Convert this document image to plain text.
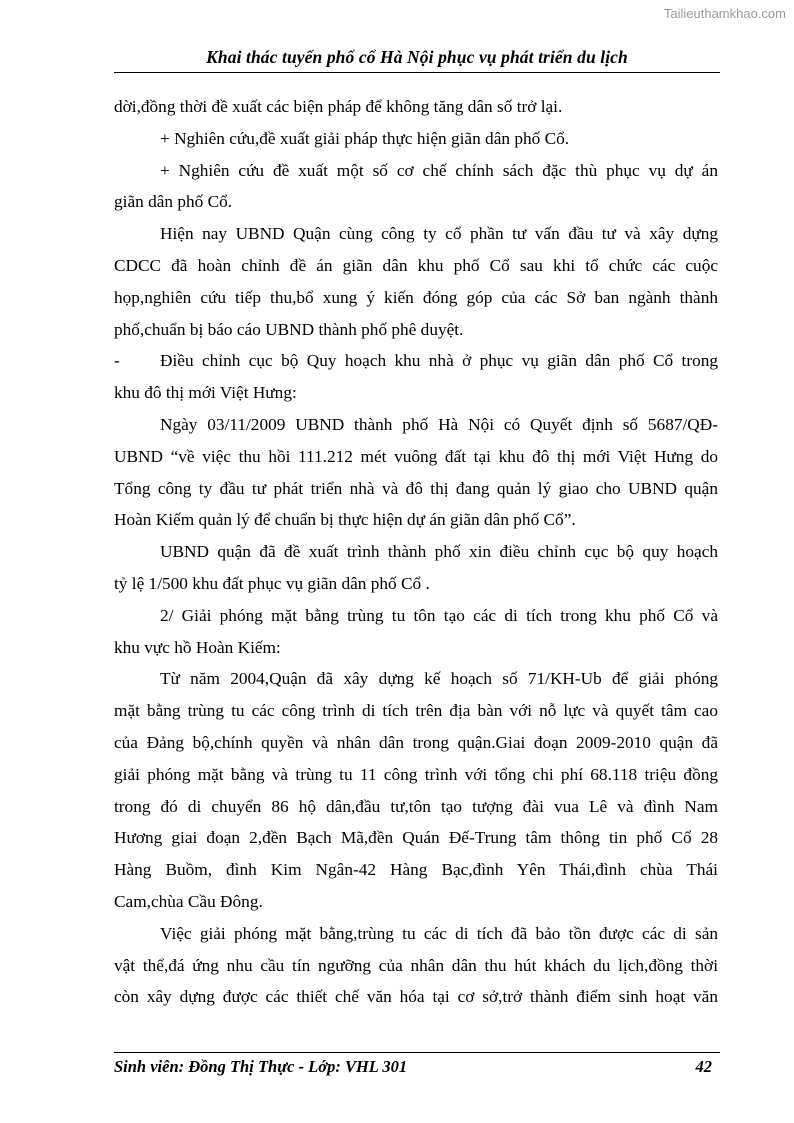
Tailieuthamkhao.com
Khai thác tuyến phố cổ Hà Nội phục vụ phát triển du lịch

dời,đồng thời đề xuất các biện pháp để không tăng dân số trở lại.

+ Nghiên cứu,đề xuất giải pháp thực hiện giãn dân phố Cổ.

+ Nghiên cứu đề xuất một số cơ chế chính sách đặc thù phục vụ dự án

giãn dân phố Cổ.

Hiện nay UBND Quận cùng công ty cổ phần tư vấn đầu tư và xây dựng

CDCC đã hoàn chỉnh đề án giãn dân khu phố Cổ sau khi tổ chức các cuộc

họp,nghiên cứu tiếp thu,bổ xung ý kiến đóng góp của các Sở ban ngành thành

phố,chuẩn bị báo cáo UBND thành phố phê duyệt.

-	Điều chỉnh cục bộ Quy hoạch khu nhà ở phục vụ giãn dân phố Cổ trong

khu đô thị mới Việt Hưng:

Ngày 03/11/2009 UBND thành phố Hà Nội có Quyết định số 5687/QĐ-

UBND “về việc thu hồi 111.212 mét vuông đất tại khu đô thị mới Việt Hưng do

Tổng công ty đầu tư phát triển nhà và đô thị đang quản lý giao cho UBND quận

Hoàn Kiếm quản lý để chuẩn bị thực hiện dự án giãn dân phố Cổ”.

UBND quận đã đề xuất trình thành phố xin điều chỉnh cục bộ quy hoạch

tỷ lệ 1/500 khu đất phục vụ giãn dân phố Cổ .

2/ Giải phóng mặt bằng trùng tu tôn tạo các di tích trong khu phố Cổ và

khu vực hồ Hoàn Kiếm:

Từ năm 2004,Quận đã xây dựng kế hoạch số 71/KH-Ub để giải phóng

mặt bằng trùng tu các công trình di tích trên địa bàn với nỗ lực và quyết tâm cao

của Đảng bộ,chính quyền và nhân dân trong quận.Giai đoạn 2009-2010 quận đã

giải phóng mặt bằng và trùng tu 11 công trình với tổng chi phí 68.118 triệu đồng

trong đó di chuyển 86 hộ dân,đầu tư,tôn tạo tượng đài vua Lê và đình Nam

Hương giai đoạn 2,đền Bạch Mã,đền Quán Đế-Trung tâm thông tin phố Cổ 28

Hàng Buồm, đình Kim Ngân-42 Hàng Bạc,đình Yên Thái,đình chùa Thái

Cam,chùa Cầu Đông.

Việc giải phóng mặt bằng,trùng tu các di tích đã bảo tồn được các di sản

vật thể,đá ứng nhu cầu tín ngưỡng của nhân dân thu hút khách du lịch,đồng thời

còn xây dựng được các thiết chế văn hóa tại cơ sở,trở thành điểm sinh hoạt văn

Sinh viên: Đồng Thị Thực - Lớp: VHL 301	42
